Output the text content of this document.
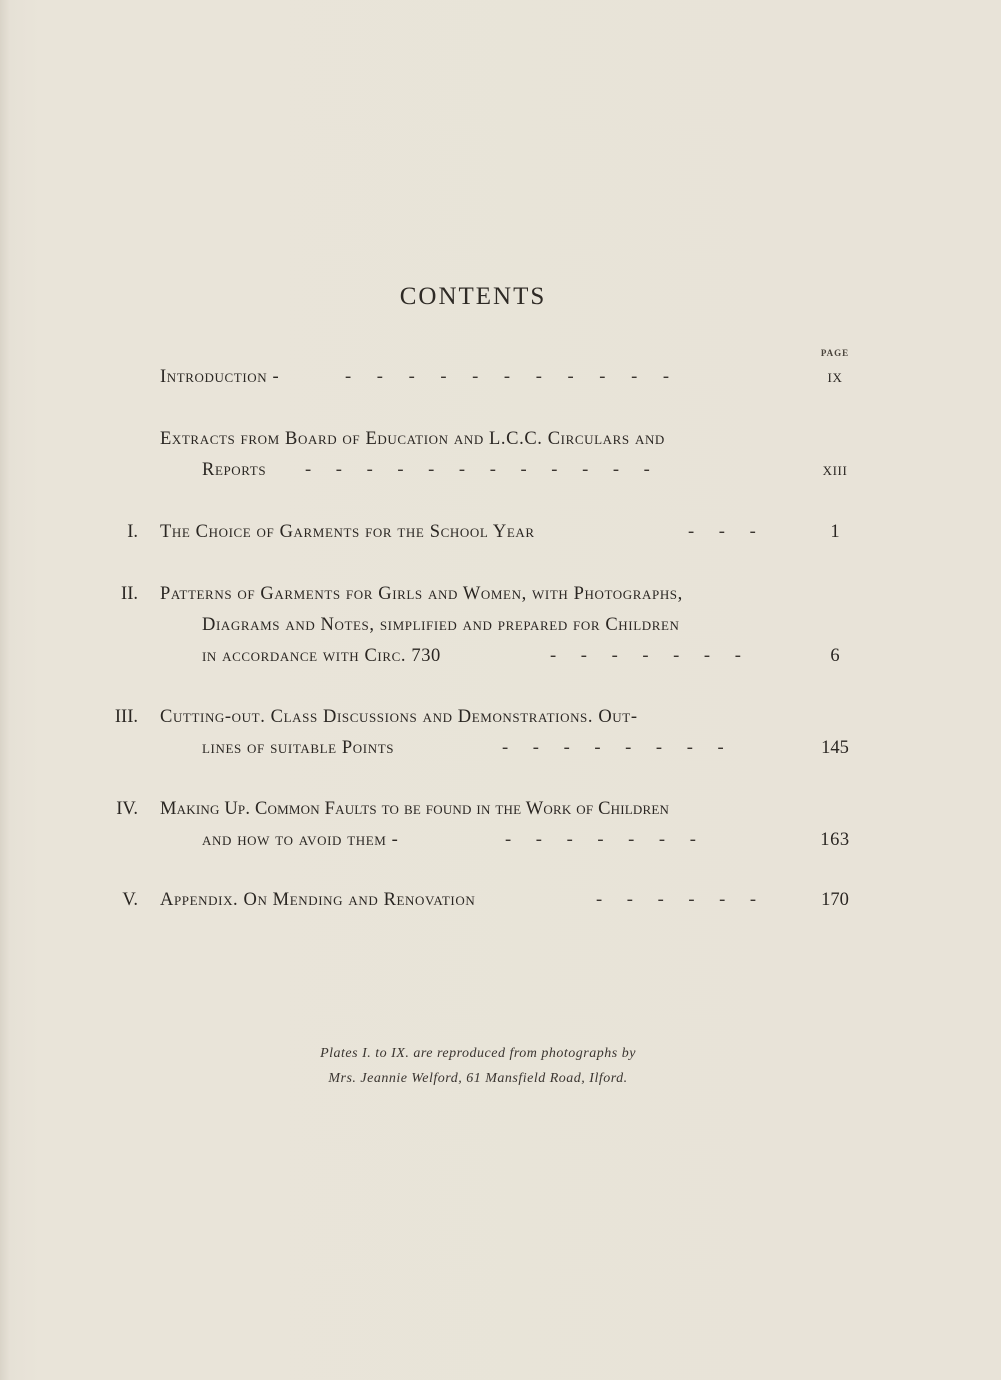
CONTENTS
PAGE
Introduction -	- - - - - - - - - - -	ix
Extracts from Board of Education and L.C.C. Circulars and
Reports - - - - - - - - - - - -	xiii
I. The Choice of Garments for the School Year	- - -	1
II. Patterns of Garments for Girls and Women, with Photographs,
Diagrams and Notes, simplified and prepared for Children
in accordance with Circ. 730	- - - - - - -	6
III. Cutting-out. Class Discussions and Demonstrations. Out-
lines of suitable Points	- - - - - - - -	145
IV. Making Up. Common Faults to be found in the Work of Children
and how to avoid them -	- - - - - - -	163
V. Appendix. On Mending and Renovation	- - - - - -	170
Plates I. to IX. are reproduced from photographs by
Mrs. Jeannie Welford, 61 Mansfield Road, Ilford.
